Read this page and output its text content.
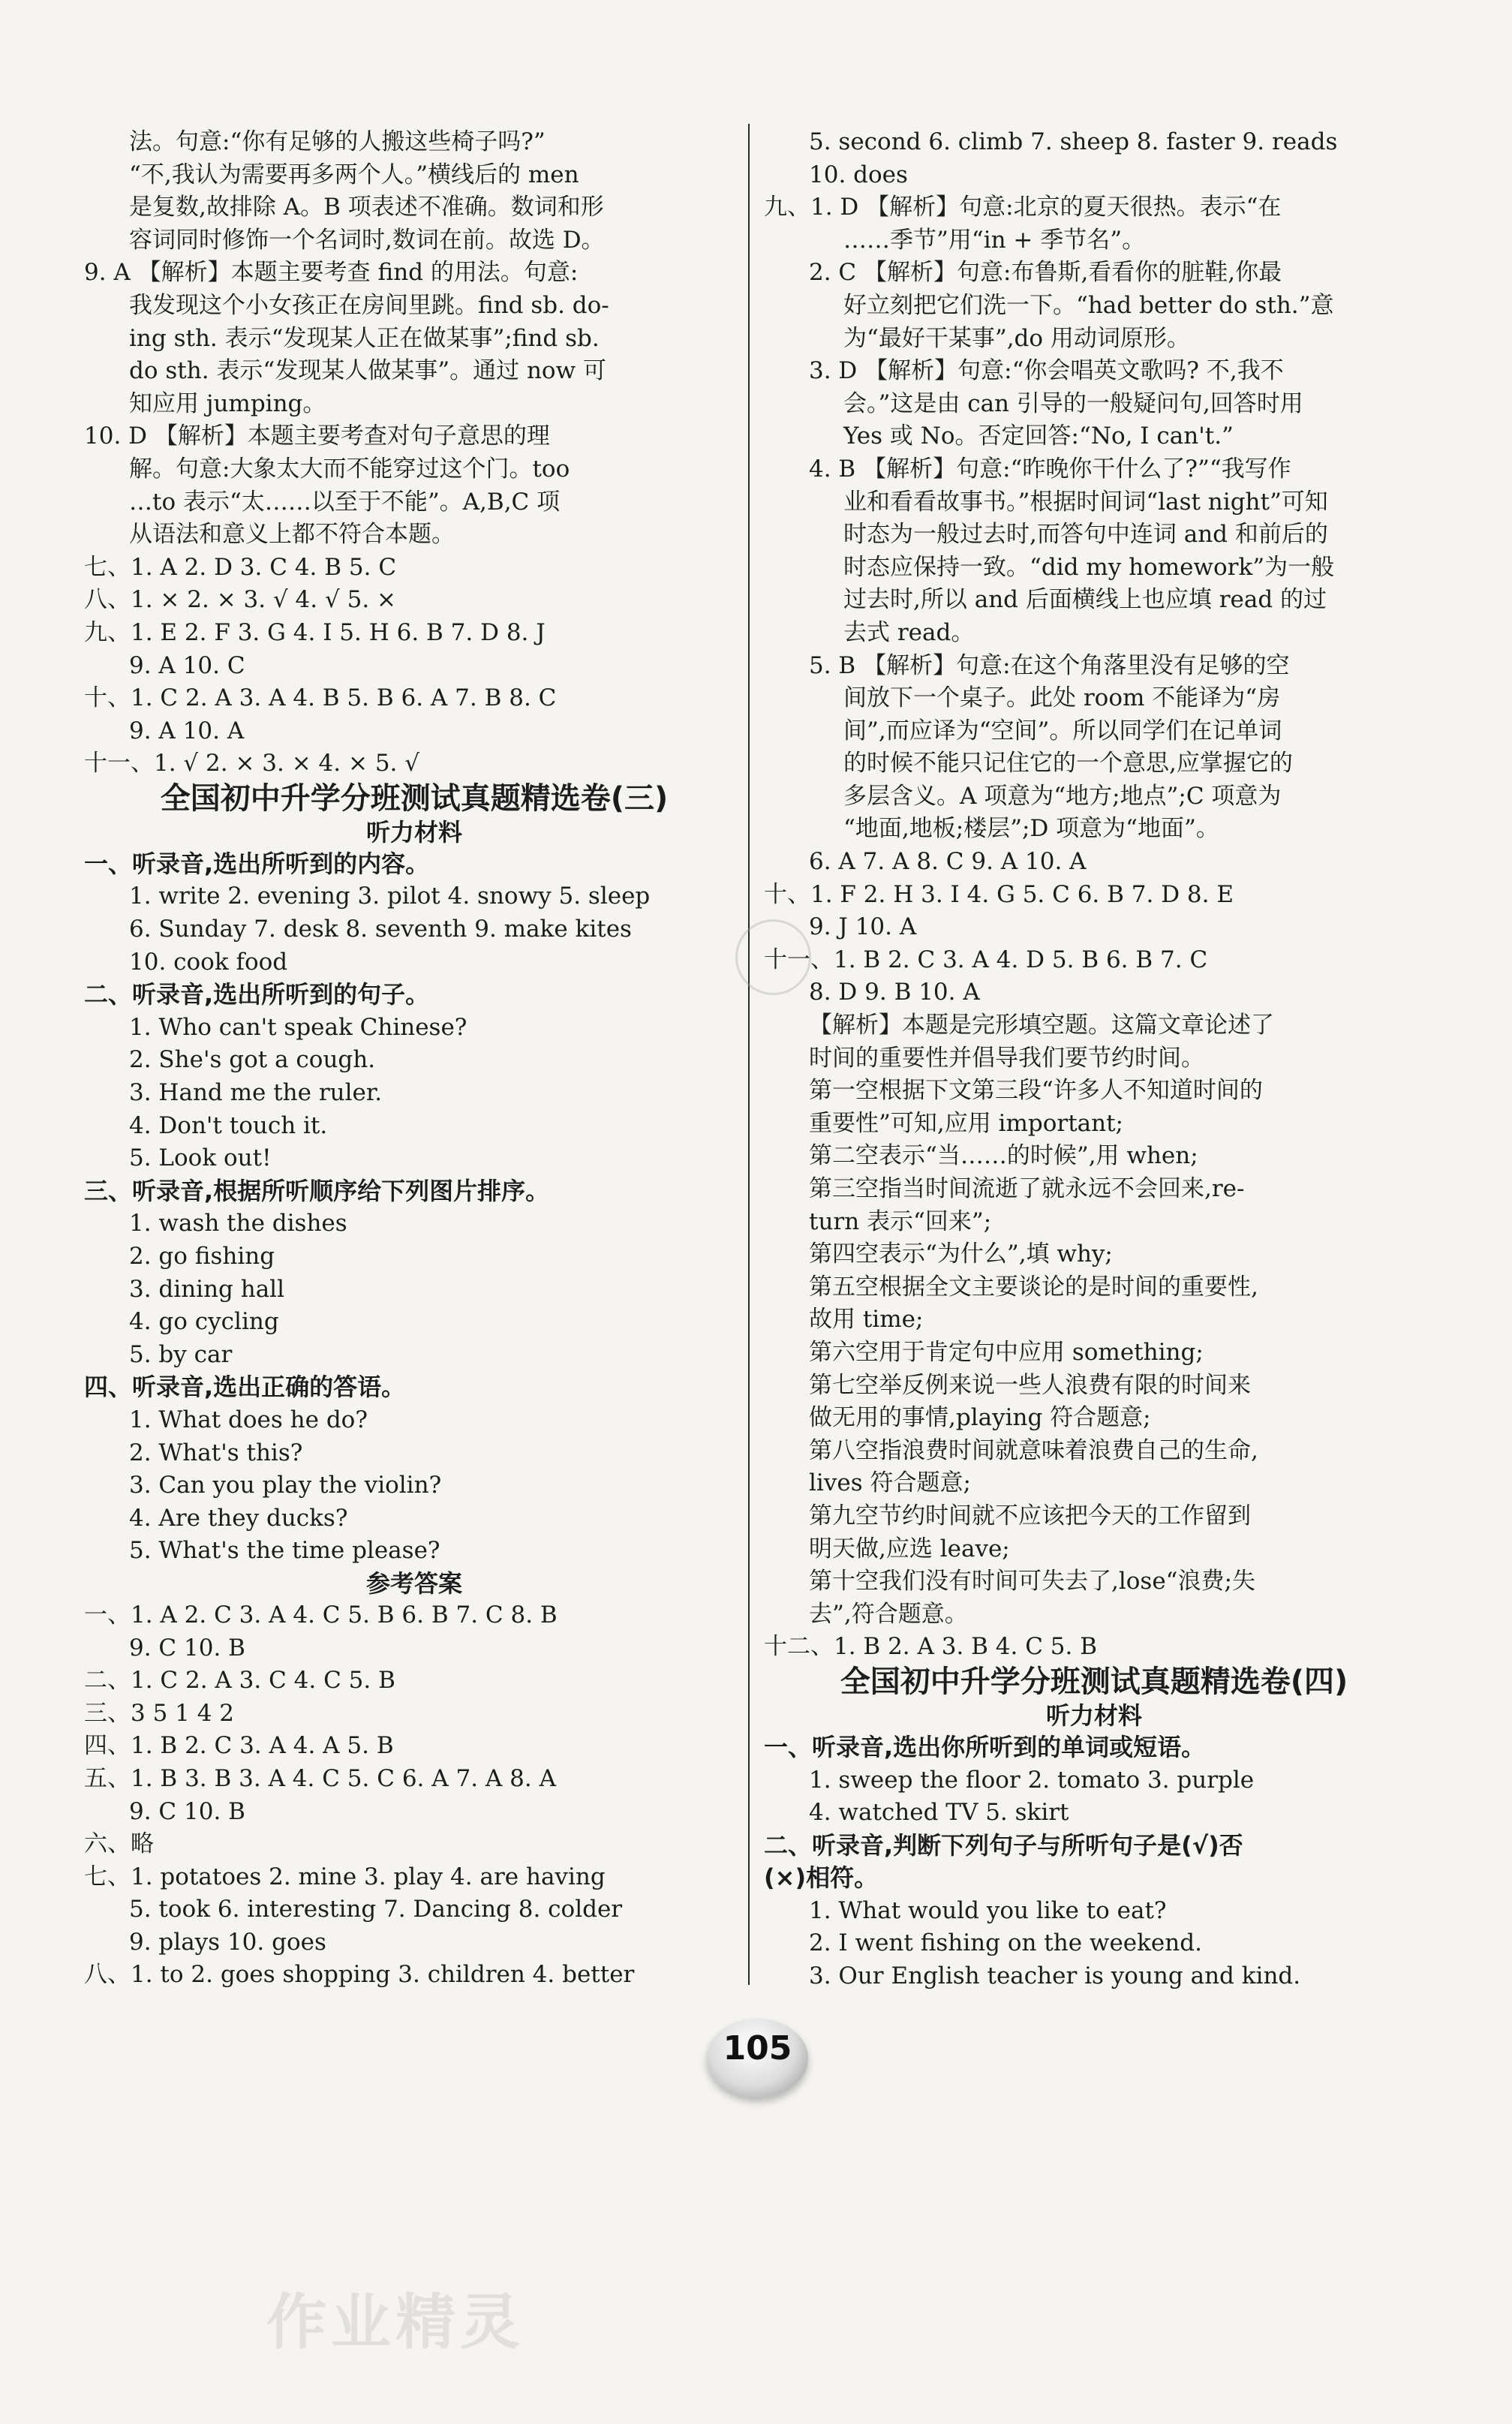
法。句意:“你有足够的人搬这些椅子吗?”
“不,我认为需要再多两个人。”横线后的 men
是复数,故排除 A。B 项表述不准确。数词和形
容词同时修饰一个名词时,数词在前。故选 D。
9. A 【解析】本题主要考查 find 的用法。句意:
我发现这个小女孩正在房间里跳。find sb. do-
ing sth. 表示“发现某人正在做某事”;find sb.
do sth. 表示“发现某人做某事”。通过 now 可
知应用 jumping。
10. D 【解析】本题主要考查对句子意思的理
解。句意:大象太大而不能穿过这个门。too
…to 表示“太……以至于不能”。A,B,C 项
从语法和意义上都不符合本题。
七、1. A 2. D 3. C 4. B 5. C
八、1. × 2. × 3. √ 4. √ 5. ×
九、1. E 2. F 3. G 4. I 5. H 6. B 7. D 8. J
9. A 10. C
十、1. C 2. A 3. A 4. B 5. B 6. A 7. B 8. C
9. A 10. A
十一、1. √ 2. × 3. × 4. × 5. √
全国初中升学分班测试真题精选卷(三)
听力材料
一、听录音,选出所听到的内容。
1. write 2. evening 3. pilot 4. snowy 5. sleep
6. Sunday 7. desk 8. seventh 9. make kites
10. cook food
二、听录音,选出所听到的句子。
1. Who can't speak Chinese?
2. She's got a cough.
3. Hand me the ruler.
4. Don't touch it.
5. Look out!
三、听录音,根据所听顺序给下列图片排序。
1. wash the dishes
2. go fishing
3. dining hall
4. go cycling
5. by car
四、听录音,选出正确的答语。
1. What does he do?
2. What's this?
3. Can you play the violin?
4. Are they ducks?
5. What's the time please?
参考答案
一、1. A 2. C 3. A 4. C 5. B 6. B 7. C 8. B
9. C 10. B
二、1. C 2. A 3. C 4. C 5. B
三、3 5 1 4 2
四、1. B 2. C 3. A 4. A 5. B
五、1. B 3. B 3. A 4. C 5. C 6. A 7. A 8. A
9. C 10. B
六、略
七、1. potatoes 2. mine 3. play 4. are having
5. took 6. interesting 7. Dancing 8. colder
9. plays 10. goes
八、1. to 2. goes shopping 3. children 4. better
5. second 6. climb 7. sheep 8. faster 9. reads
10. does
九、1. D 【解析】句意:北京的夏天很热。表示“在
……季节”用“in + 季节名”。
2. C 【解析】句意:布鲁斯,看看你的脏鞋,你最
好立刻把它们洗一下。“had better do sth.”意
为“最好干某事”,do 用动词原形。
3. D 【解析】句意:“你会唱英文歌吗? 不,我不
会。”这是由 can 引导的一般疑问句,回答时用
Yes 或 No。否定回答:“No, I can't.”
4. B 【解析】句意:“昨晚你干什么了?”“我写作
业和看看故事书。”根据时间词“last night”可知
时态为一般过去时,而答句中连词 and 和前后的
时态应保持一致。“did my homework”为一般
过去时,所以 and 后面横线上也应填 read 的过
去式 read。
5. B 【解析】句意:在这个角落里没有足够的空
间放下一个桌子。此处 room 不能译为“房
间”,而应译为“空间”。所以同学们在记单词
的时候不能只记住它的一个意思,应掌握它的
多层含义。A 项意为“地方;地点”;C 项意为
“地面,地板;楼层”;D 项意为“地面”。
6. A 7. A 8. C 9. A 10. A
十、1. F 2. H 3. I 4. G 5. C 6. B 7. D 8. E
9. J 10. A
十一、1. B 2. C 3. A 4. D 5. B 6. B 7. C
8. D 9. B 10. A
【解析】本题是完形填空题。这篇文章论述了
时间的重要性并倡导我们要节约时间。
第一空根据下文第三段“许多人不知道时间的
重要性”可知,应用 important;
第二空表示“当……的时候”,用 when;
第三空指当时间流逝了就永远不会回来,re-
turn 表示“回来”;
第四空表示“为什么”,填 why;
第五空根据全文主要谈论的是时间的重要性,
故用 time;
第六空用于肯定句中应用 something;
第七空举反例来说一些人浪费有限的时间来
做无用的事情,playing 符合题意;
第八空指浪费时间就意味着浪费自己的生命,
lives 符合题意;
第九空节约时间就不应该把今天的工作留到
明天做,应选 leave;
第十空我们没有时间可失去了,lose“浪费;失
去”,符合题意。
十二、1. B 2. A 3. B 4. C 5. B
全国初中升学分班测试真题精选卷(四)
听力材料
一、听录音,选出你所听到的单词或短语。
1. sweep the floor 2. tomato 3. purple
4. watched TV 5. skirt
二、听录音,判断下列句子与所听句子是(√)否
(×)相符。
1. What would you like to eat?
2. I went fishing on the weekend.
3. Our English teacher is young and kind.
105
作业精灵
